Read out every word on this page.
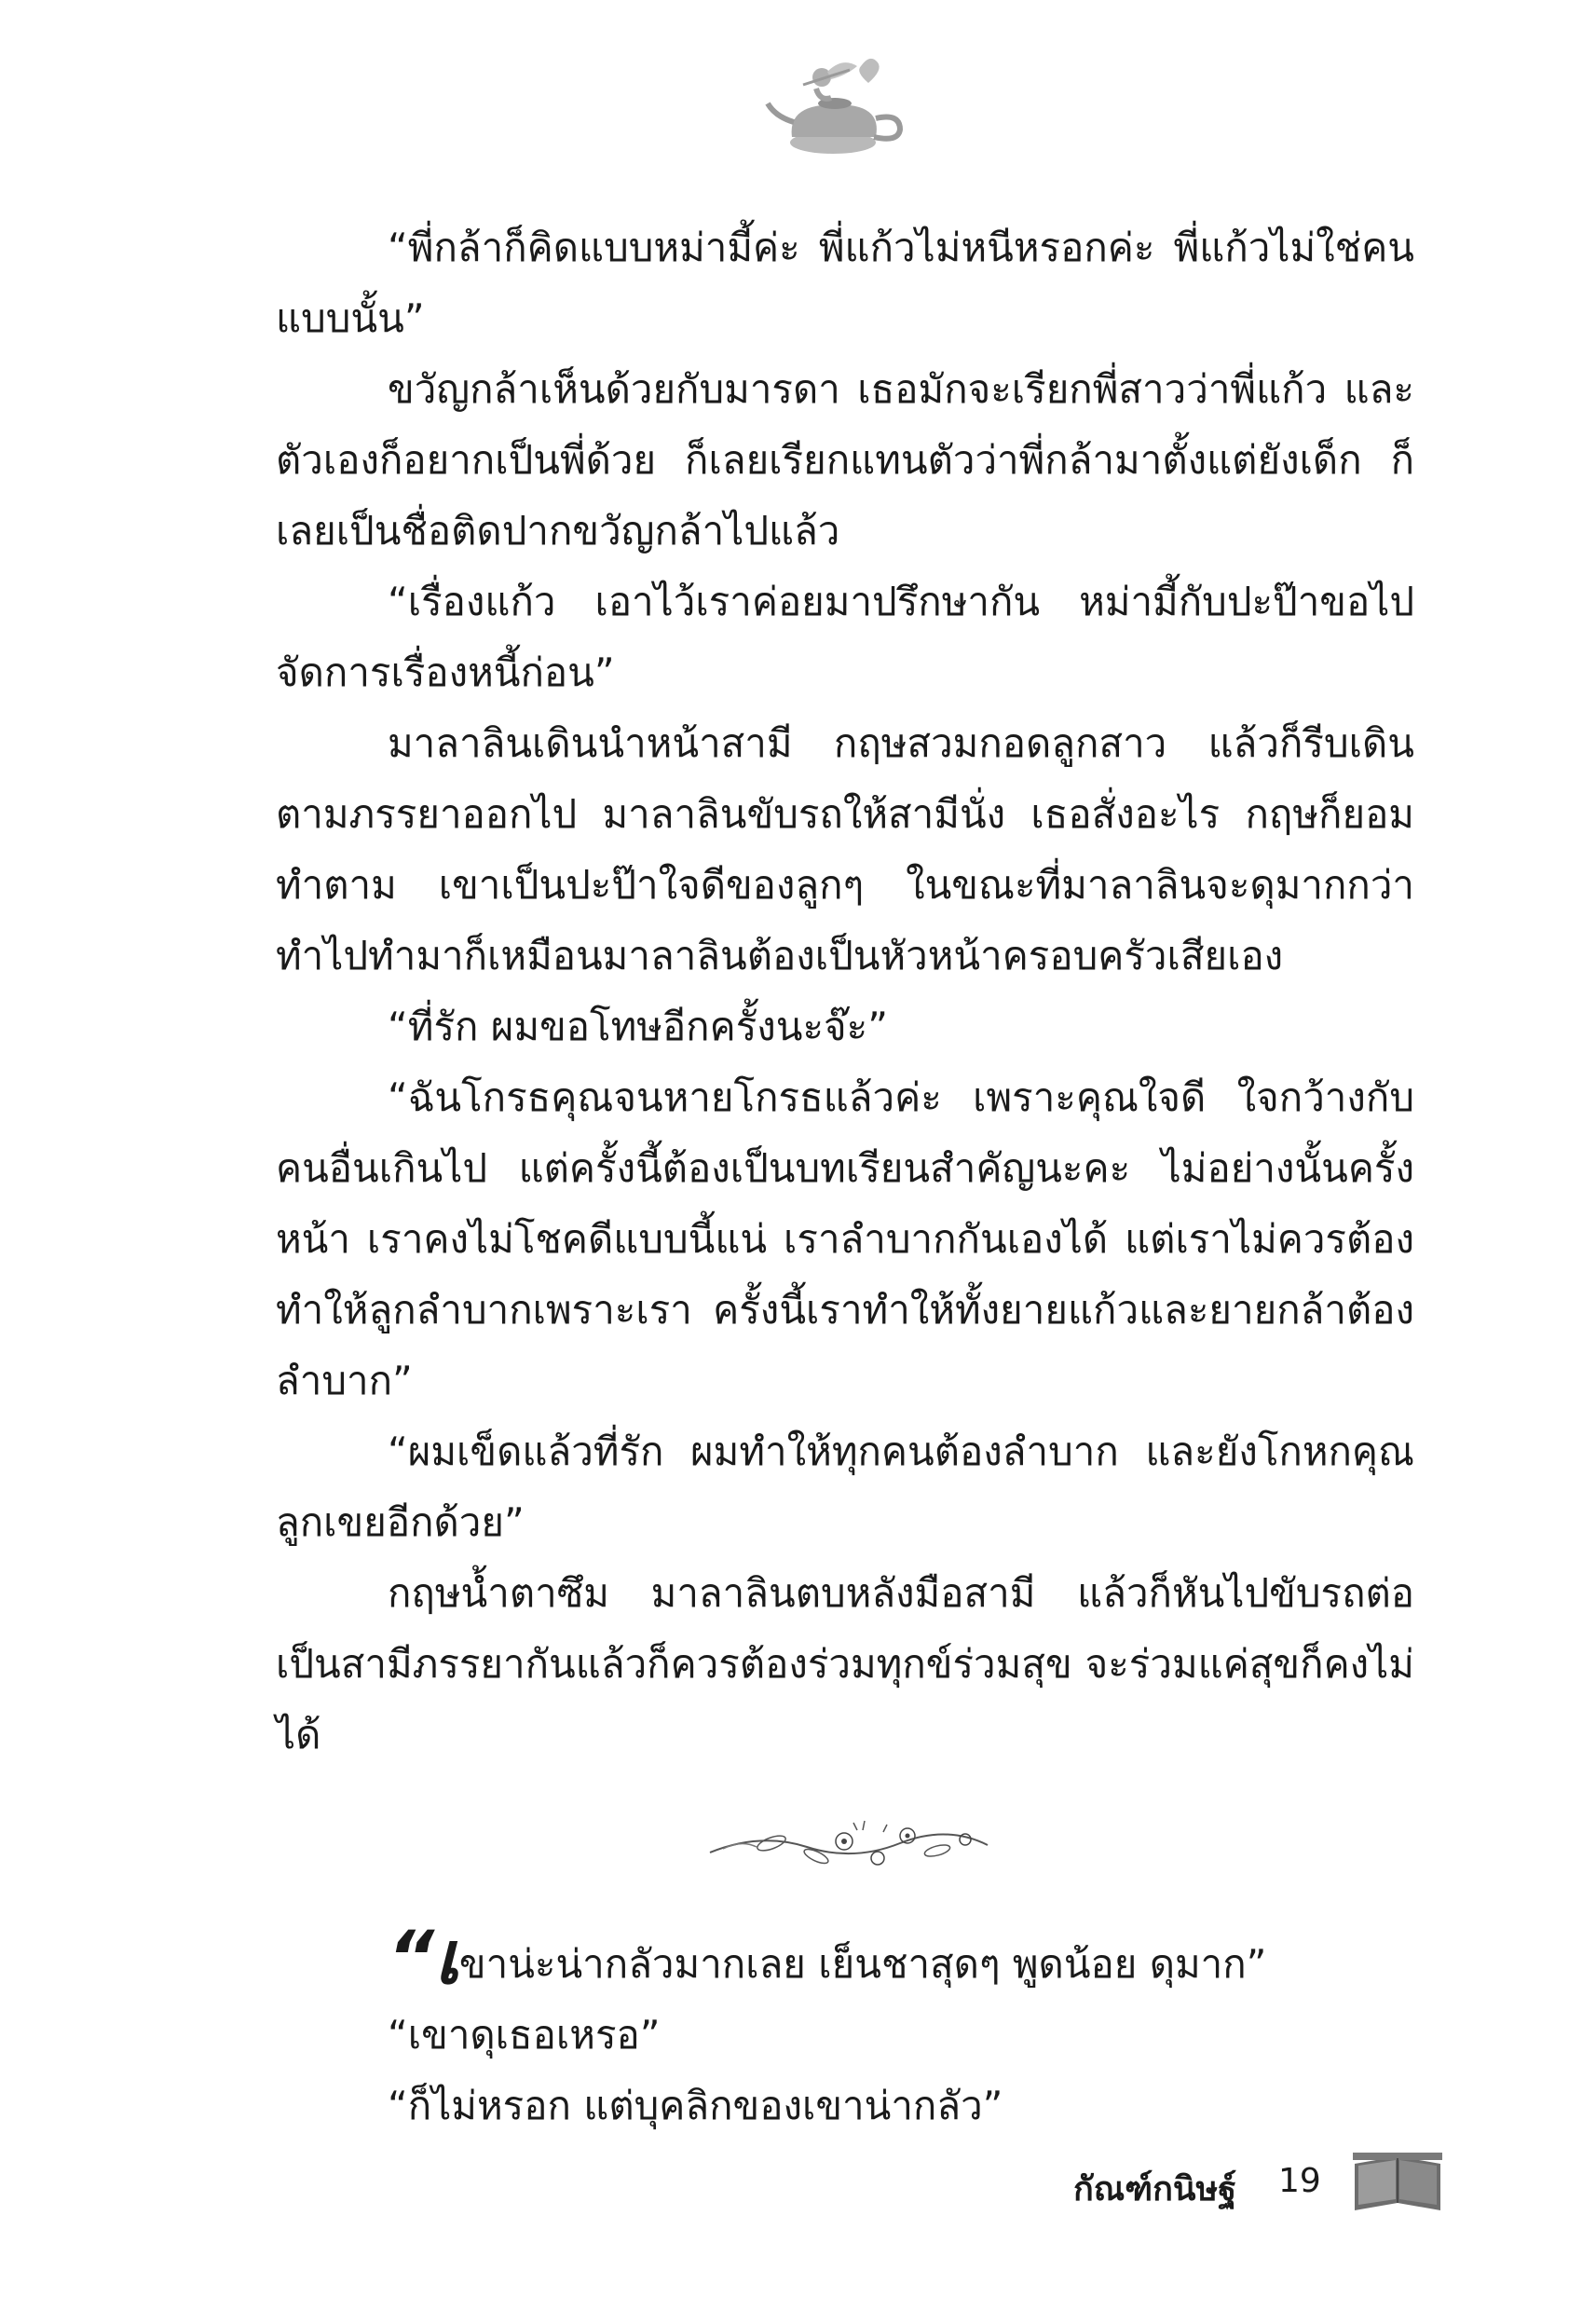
“พี่กล้าก็คิดแบบหม่ามี้ค่ะ พี่แก้วไม่หนีหรอกค่ะ พี่แก้วไม่ใช่คนแบบนั้น”

ขวัญกล้าเห็นด้วยกับมารดา เธอมักจะเรียกพี่สาวว่าพี่แก้ว และตัวเองก็อยากเป็นพี่ด้วย ก็เลยเรียกแทนตัวว่าพี่กล้ามาตั้งแต่ยังเด็ก ก็เลยเป็นชื่อติดปากขวัญกล้าไปแล้ว

“เรื่องแก้ว เอาไว้เราค่อยมาปรึกษากัน หม่ามี้กับปะป๊าขอไปจัดการเรื่องหนี้ก่อน”

มาลาลินเดินนำหน้าสามี กฤษสวมกอดลูกสาว แล้วก็รีบเดินตามภรรยาออกไป มาลาลินขับรถให้สามีนั่ง เธอสั่งอะไร กฤษก็ยอมทำตาม เขาเป็นปะป๊าใจดีของลูกๆ ในขณะที่มาลาลินจะดุมากกว่า ทำไปทำมาก็เหมือนมาลาลินต้องเป็นหัวหน้าครอบครัวเสียเอง

“ที่รัก ผมขอโทษอีกครั้งนะจ๊ะ”

“ฉันโกรธคุณจนหายโกรธแล้วค่ะ เพราะคุณใจดี ใจกว้างกับคนอื่นเกินไป แต่ครั้งนี้ต้องเป็นบทเรียนสำคัญนะคะ ไม่อย่างนั้นครั้งหน้า เราคงไม่โชคดีแบบนี้แน่ เราลำบากกันเองได้ แต่เราไม่ควรต้องทำให้ลูกลำบากเพราะเรา ครั้งนี้เราทำให้ทั้งยายแก้วและยายกล้าต้องลำบาก”

“ผมเข็ดแล้วที่รัก ผมทำให้ทุกคนต้องลำบาก และยังโกหกคุณลูกเขยอีกด้วย”

กฤษน้ำตาซึม มาลาลินตบหลังมือสามี แล้วก็หันไปขับรถต่อ เป็นสามีภรรยากันแล้วก็ควรต้องร่วมทุกข์ร่วมสุข จะร่วมแค่สุขก็คงไม่ได้

“เขาน่ะน่ากลัวมากเลย เย็นชาสุดๆ พูดน้อย ดุมาก”

“เขาดุเธอเหรอ”

“ก็ไม่หรอก แต่บุคลิกของเขาน่ากลัว”

กัณฑ์กนิษฐ์ 19
